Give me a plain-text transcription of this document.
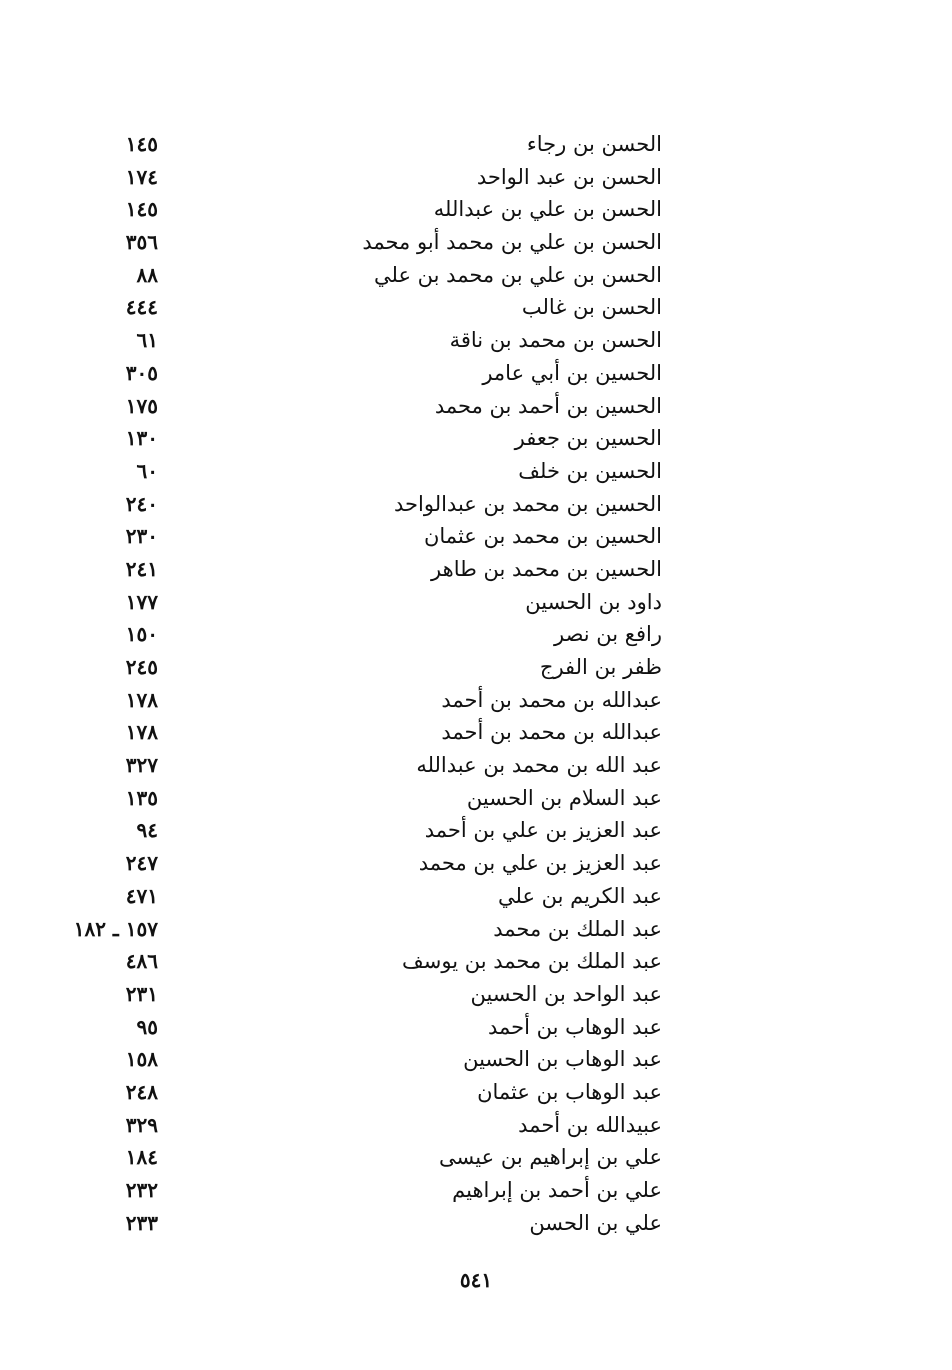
الحسن بن رجاء
١٤٥
الحسن بن عبد الواحد
١٧٤
الحسن بن علي بن عبدالله
١٤٥
الحسن بن علي بن محمد أبو محمد
٣٥٦
الحسن بن علي بن محمد بن علي
٨٨
الحسن بن غالب
٤٤٤
الحسن بن محمد بن ناقة
٦١
الحسين بن أبي عامر
٣٠٥
الحسين بن أحمد بن محمد
١٧٥
الحسين بن جعفر
١٣٠
الحسين بن خلف
٦٠
الحسين بن محمد بن عبدالواحد
٢٤٠
الحسين بن محمد بن عثمان
٢٣٠
الحسين بن محمد بن طاهر
٢٤١
داود بن الحسين
١٧٧
رافع بن نصر
١٥٠
ظفر بن الفرج
٢٤٥
عبدالله بن محمد بن أحمد
١٧٨
عبدالله بن محمد بن أحمد
١٧٨
عبد الله بن محمد بن عبدالله
٣٢٧
عبد السلام بن الحسين
١٣٥
عبد العزيز بن علي بن أحمد
٩٤
عبد العزيز بن علي بن محمد
٢٤٧
عبد الكريم بن علي
٤٧١
عبد الملك بن محمد
١٥٧ ـ ١٨٢
عبد الملك بن محمد بن يوسف
٤٨٦
عبد الواحد بن الحسين
٢٣١
عبد الوهاب بن أحمد
٩٥
عبد الوهاب بن الحسين
١٥٨
عبد الوهاب بن عثمان
٢٤٨
عبيدالله بن أحمد
٣٢٩
علي بن إبراهيم بن عيسى
١٨٤
علي بن أحمد بن إبراهيم
٢٣٢
علي بن الحسن
٢٣٣
٥٤١
